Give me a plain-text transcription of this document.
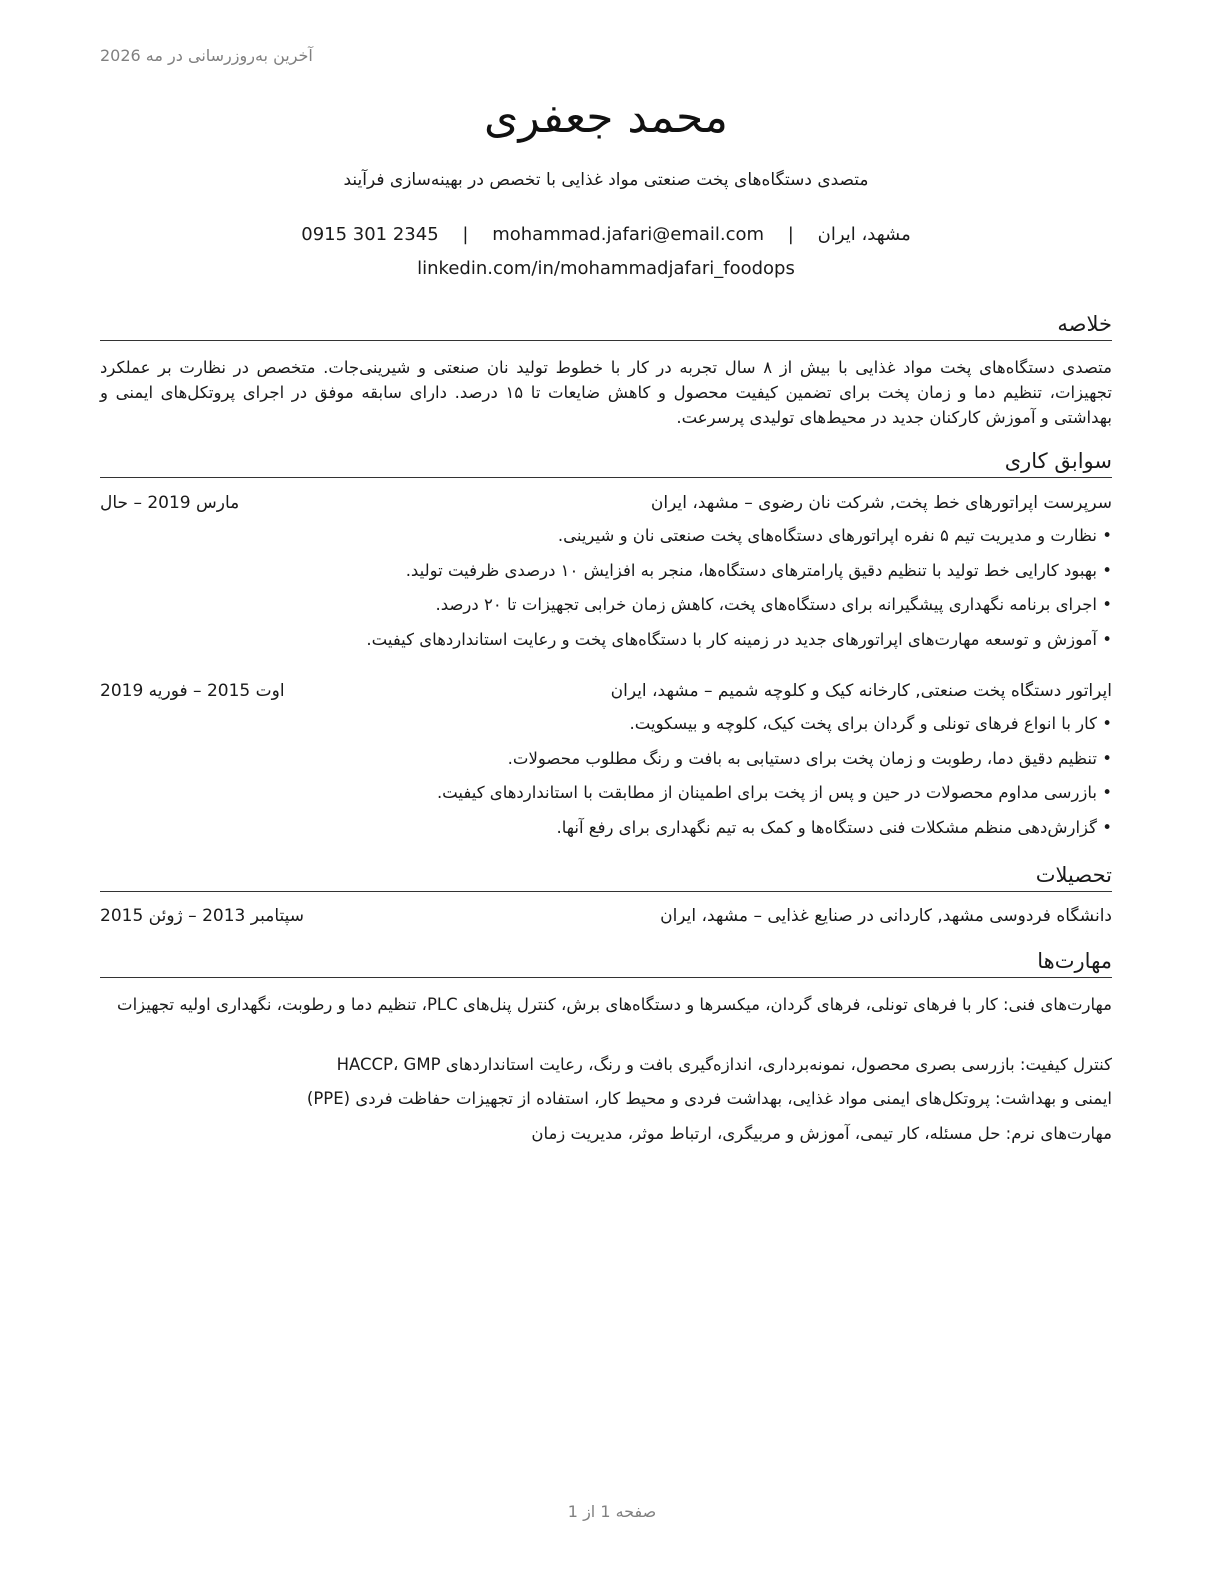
آخرین به‌روزرسانی در مه 2026
محمد جعفری
متصدی دستگاه‌های پخت صنعتی مواد غذایی با تخصص در بهینه‌سازی فرآیند
مشهد، ایران | mohammad.jafari@email.com | 0915 301 2345
linkedin.com/in/mohammadjafari_foodops
خلاصه
متصدی دستگاه‌های پخت مواد غذایی با بیش از ۸ سال تجربه در کار با خطوط تولید نان صنعتی و شیرینی‌جات. متخصص در نظارت بر عملکرد تجهیزات، تنظیم دما و زمان پخت برای تضمین کیفیت محصول و کاهش ضایعات تا ۱۵ درصد. دارای سابقه موفق در اجرای پروتکل‌های ایمنی و بهداشتی و آموزش کارکنان جدید در محیط‌های تولیدی پرسرعت.
سوابق کاری
سرپرست اپراتورهای خط پخت, شرکت نان رضوی – مشهد، ایران
مارس 2019 – حال
• نظارت و مدیریت تیم ۵ نفره اپراتورهای دستگاه‌های پخت صنعتی نان و شیرینی.
• بهبود کارایی خط تولید با تنظیم دقیق پارامترهای دستگاه‌ها، منجر به افزایش ۱۰ درصدی ظرفیت تولید.
• اجرای برنامه نگهداری پیشگیرانه برای دستگاه‌های پخت، کاهش زمان خرابی تجهیزات تا ۲۰ درصد.
• آموزش و توسعه مهارت‌های اپراتورهای جدید در زمینه کار با دستگاه‌های پخت و رعایت استانداردهای کیفیت.
اپراتور دستگاه پخت صنعتی, کارخانه کیک و کلوچه شمیم – مشهد، ایران
اوت 2015 – فوریه 2019
• کار با انواع فرهای تونلی و گردان برای پخت کیک، کلوچه و بیسکویت.
• تنظیم دقیق دما، رطوبت و زمان پخت برای دستیابی به بافت و رنگ مطلوب محصولات.
• بازرسی مداوم محصولات در حین و پس از پخت برای اطمینان از مطابقت با استانداردهای کیفیت.
• گزارش‌دهی منظم مشکلات فنی دستگاه‌ها و کمک به تیم نگهداری برای رفع آنها.
تحصیلات
دانشگاه فردوسی مشهد, کاردانی در صنایع غذایی – مشهد، ایران
سپتامبر 2013 – ژوئن 2015
مهارت‌ها
مهارت‌های فنی: کار با فرهای تونلی، فرهای گردان، میکسرها و دستگاه‌های برش، کنترل پنل‌های PLC، تنظیم دما و رطوبت، نگهداری اولیه تجهیزات
کنترل کیفیت: بازرسی بصری محصول، نمونه‌برداری، اندازه‌گیری بافت و رنگ، رعایت استانداردهای HACCP، GMP
ایمنی و بهداشت: پروتکل‌های ایمنی مواد غذایی، بهداشت فردی و محیط کار، استفاده از تجهیزات حفاظت فردی (PPE)
مهارت‌های نرم: حل مسئله، کار تیمی، آموزش و مربیگری، ارتباط موثر، مدیریت زمان
صفحه 1 از 1
